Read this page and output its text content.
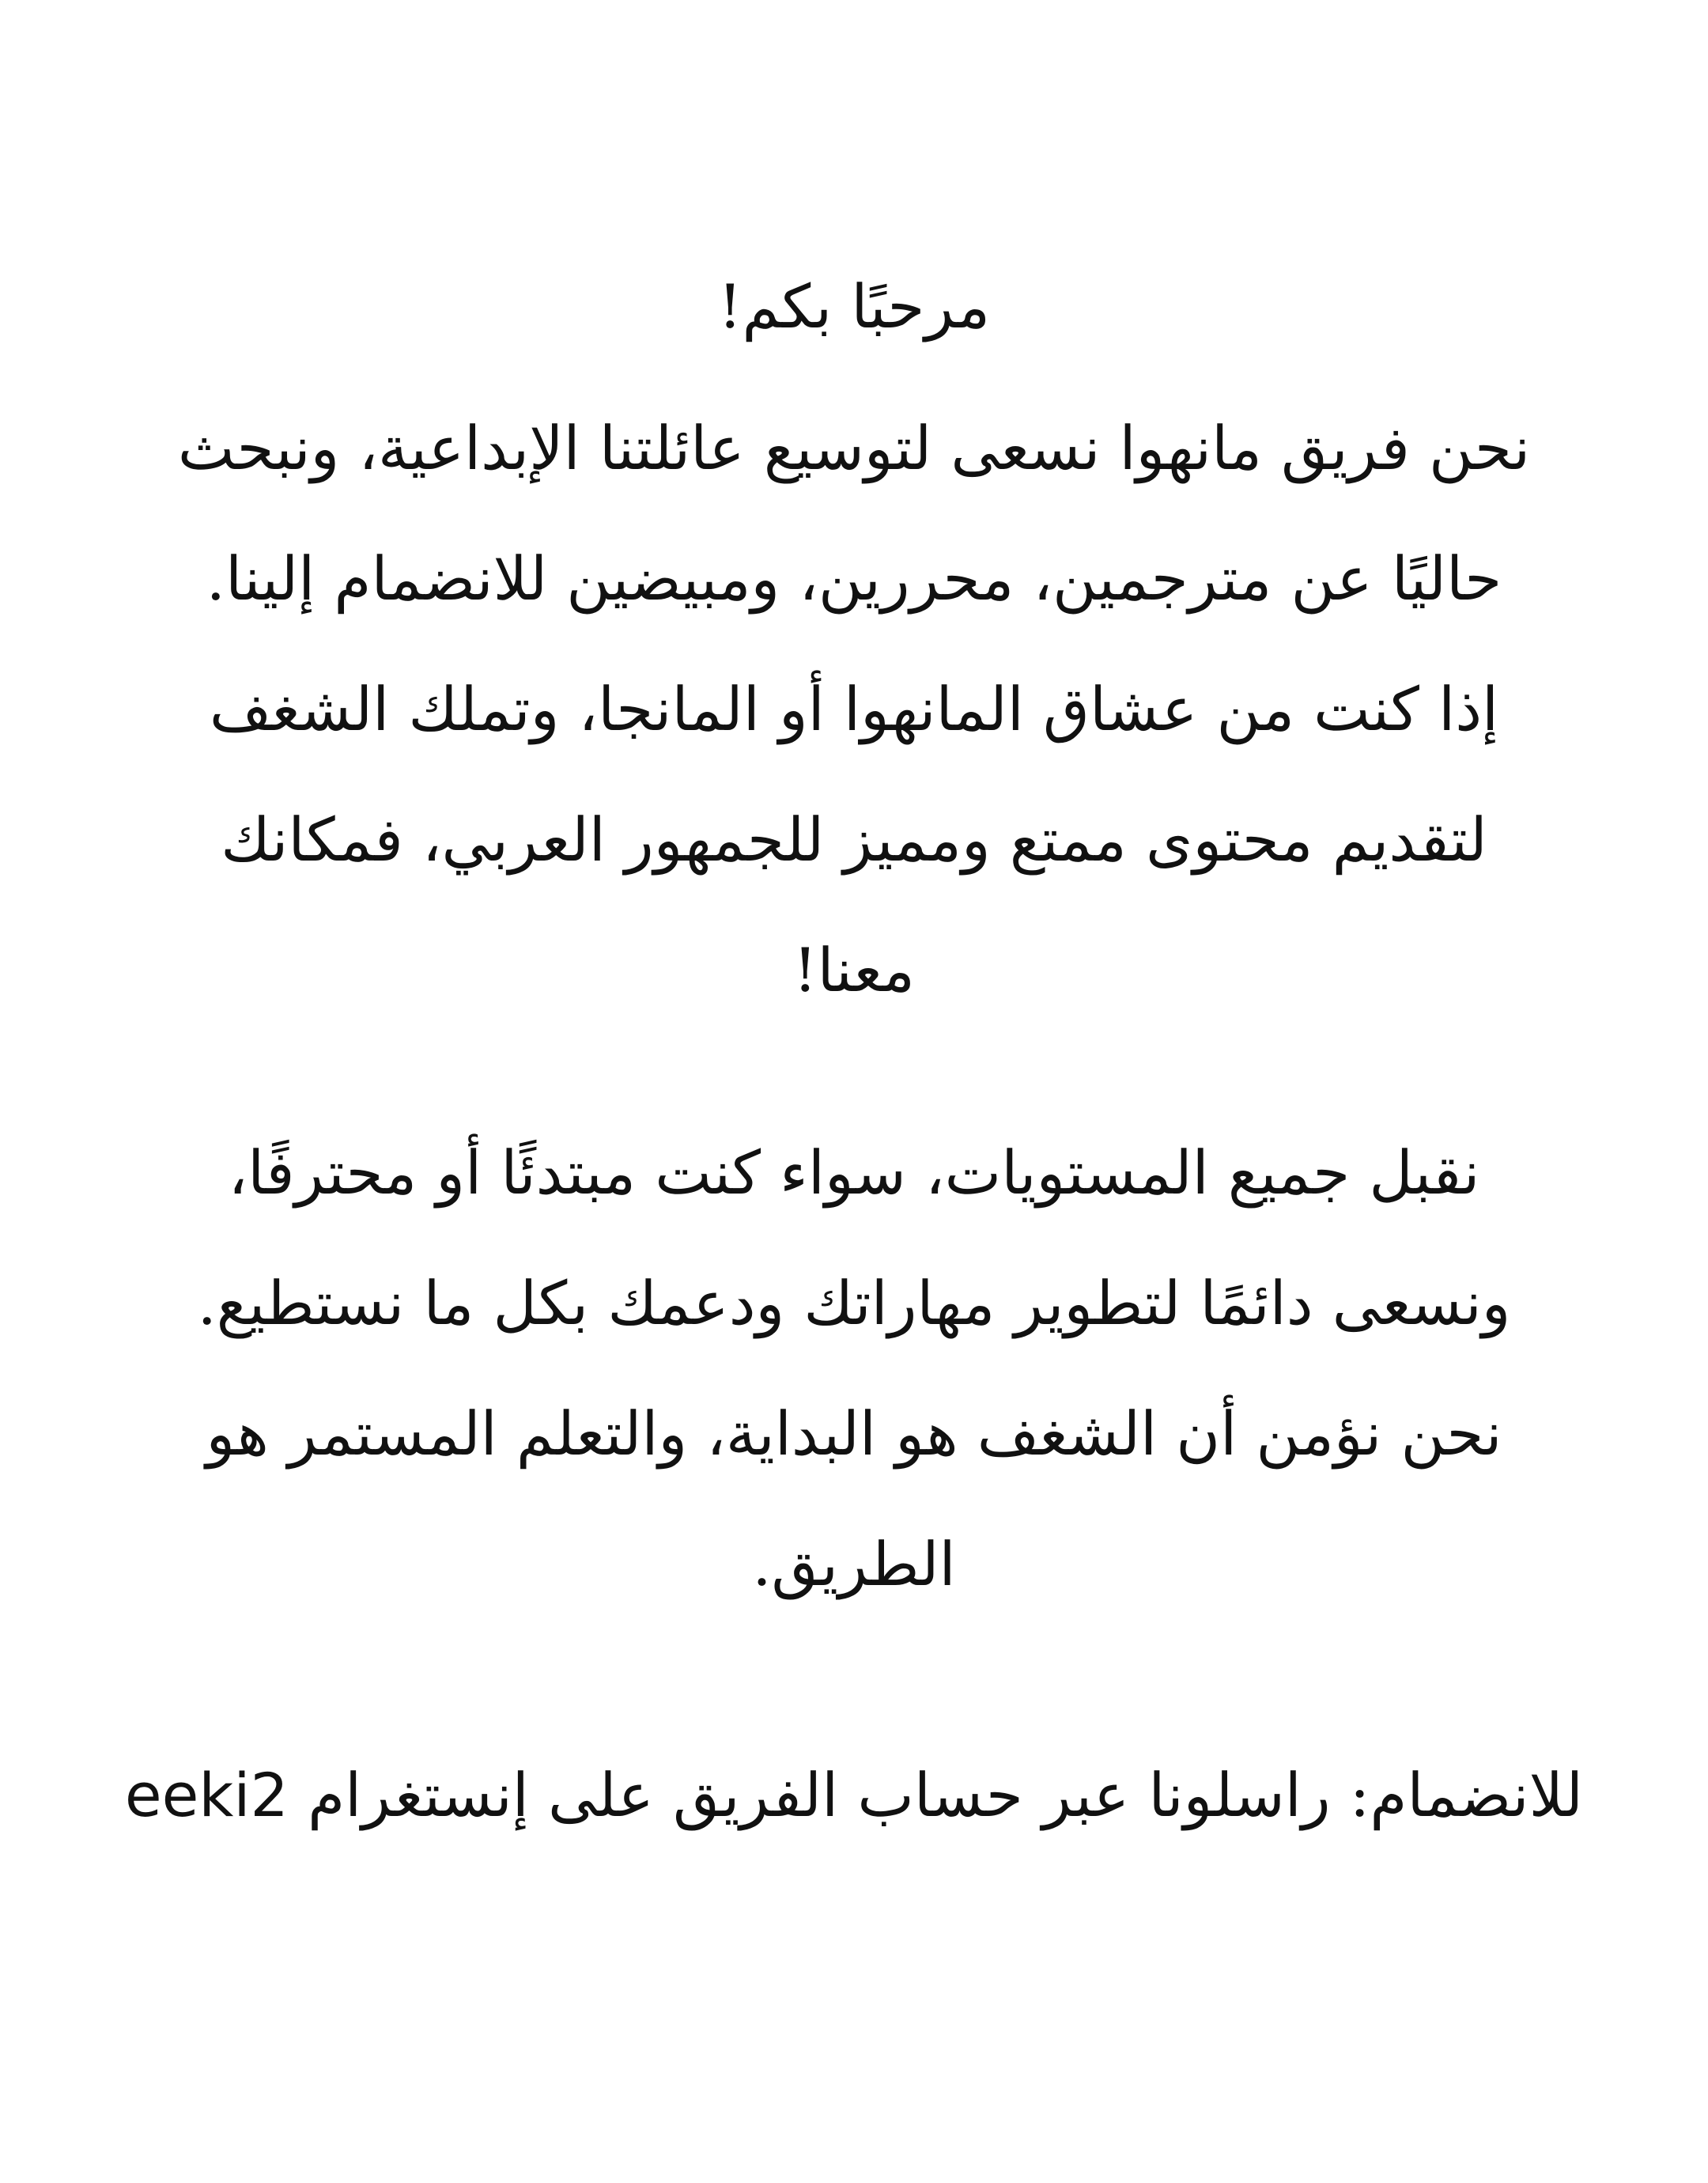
مرحبًا بكم!
نحن فريق مانهوا نسعى لتوسيع عائلتنا الإبداعية، ونبحث
حاليًا عن مترجمين، محررين، ومبيضين للانضمام إلينا.
إذا كنت من عشاق المانهوا أو المانجا، وتملك الشغف
لتقديم محتوى ممتع ومميز للجمهور العربي، فمكانك
معنا!
نقبل جميع المستويات، سواء كنت مبتدئًا أو محترفًا،
ونسعى دائمًا لتطوير مهاراتك ودعمك بكل ما نستطيع.
نحن نؤمن أن الشغف هو البداية، والتعلم المستمر هو
الطريق.
للانضمام: راسلونا عبر حساب الفريق على إنستغرام eeki2
